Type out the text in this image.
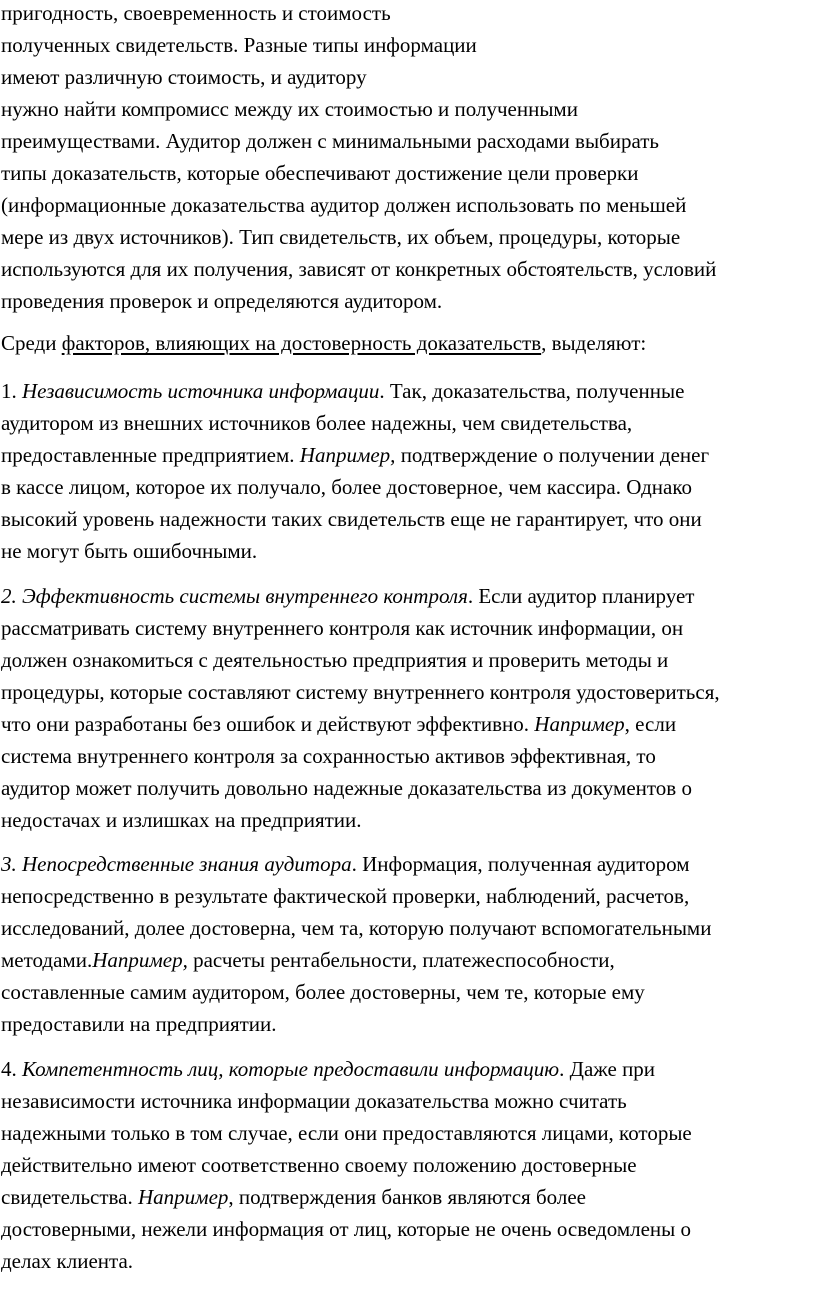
пригодность, своевременность и стоимость
полученных свидетельств. Разные типы информации
имеют различную стоимость, и аудитору
нужно найти компромисс между их стоимостью и полученными
преимуществами. Аудитор должен с минимальными расходами выбирать
типы доказательств, которые обеспечивают достижение цели проверки
(информационные доказательства аудитор должен использовать по меньшей
мере из двух источников). Тип свидетельств, их объем, процедуры, которые
используются для их получения, зависят от конкретных обстоятельств, условий
проведения проверок и определяются аудитором.
Среди факторов, влияющих на достоверность доказательств, выделяют:
1. Независимость источника информации. Так, доказательства, полученные
аудитором из внешних источников более надежны, чем свидетельства,
предоставленные предприятием. Например, подтверждение о получении денег
в кассе лицом, которое их получало, более достоверное, чем кассира. Однако
высокий уровень надежности таких свидетельств еще не гарантирует, что они
не могут быть ошибочными.
2. Эффективность системы внутреннего контроля. Если аудитор планирует
рассматривать систему внутреннего контроля как источник информации, он
должен ознакомиться с деятельностью предприятия и проверить методы и
процедуры, которые составляют систему внутреннего контроля удостовериться,
что они разработаны без ошибок и действуют эффективно. Например, если
система внутреннего контроля за сохранностью активов эффективная, то
аудитор может получить довольно надежные доказательства из документов о
недостачах и излишках на предприятии.
3. Непосредственные знания аудитора. Информация, полученная аудитором
непосредственно в результате фактической проверки, наблюдений, расчетов,
исследований, долее достоверна, чем та, которую получают вспомогательными
методами.Например, расчеты рентабельности, платежеспособности,
составленные самим аудитором, более достоверны, чем те, которые ему
предоставили на предприятии.
4. Компетентность лиц, которые предоставили информацию. Даже при
независимости источника информации доказательства можно считать
надежными только в том случае, если они предоставляются лицами, которые
действительно имеют соответственно своему положению достоверные
свидетельства. Например, подтверждения банков являются более
достоверными, нежели информация от лиц, которые не очень осведомлены о
делах клиента.
